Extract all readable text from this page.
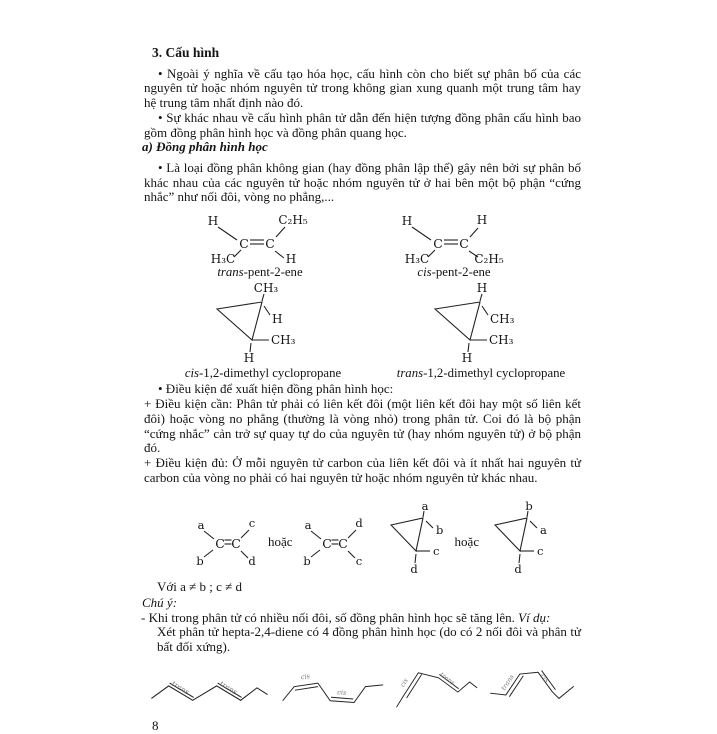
3. Cấu hình

• Ngoài ý nghĩa về cấu tạo hóa học, cấu hình còn cho biết sự phân bố của các nguyên tử hoặc nhóm nguyên tử trong không gian xung quanh một trung tâm hay hệ trung tâm nhất định nào đó.

• Sự khác nhau về cấu hình phân tử dẫn đến hiện tượng đồng phân cấu hình bao gồm đồng phân hình học và đồng phân quang học.

a) Đồng phân hình học

• Là loại đồng phân không gian (hay đồng phân lập thể) gây nên bởi sự phân bố khác nhau của các nguyên tử hoặc nhóm nguyên tử ở hai bên một bộ phận “cứng nhắc” như nối đôi, vòng no phẳng,...

H	C₂H₅
C C
H₃C	H
trans-pent-2-ene
H	H
C C
H₃C	C₂H₅
cis-pent-2-ene
CH₃
H
CH₃
H
cis-1,2-dimethyl cyclopropane
H
CH₃
CH₃
H
trans-1,2-dimethyl cyclopropane

• Điều kiện để xuất hiện đồng phân hình học:

+ Điều kiện cần: Phân tử phải có liên kết đôi (một liên kết đôi hay một số liên kết đôi) hoặc vòng no phẳng (thường là vòng nhỏ) trong phân tử. Coi đó là bộ phận “cứng nhắc” cản trở sự quay tự do của nguyên tử (hay nhóm nguyên tử) ở bộ phận đó.

+ Điều kiện đủ: Ở mỗi nguyên tử carbon của liên kết đôi và ít nhất hai nguyên tử carbon của vòng no phải có hai nguyên tử hoặc nhóm nguyên tử khác nhau.

a	c
C C
b	d
hoặc
a	d
C C
b	c
a
b
c
d
hoặc
b
a
c
d

Với a ≠ b ; c ≠ d

Chú ý:

- Khi trong phân tử có nhiều nối đôi, số đồng phân hình học sẽ tăng lên. Ví dụ:

Xét phân tử hepta-2,4-diene có 4 đồng phân hình học (do có 2 nối đôi và phân tử bất đối xứng).

trans	trans
cis
cis
cis	trans	trans	cis
8
